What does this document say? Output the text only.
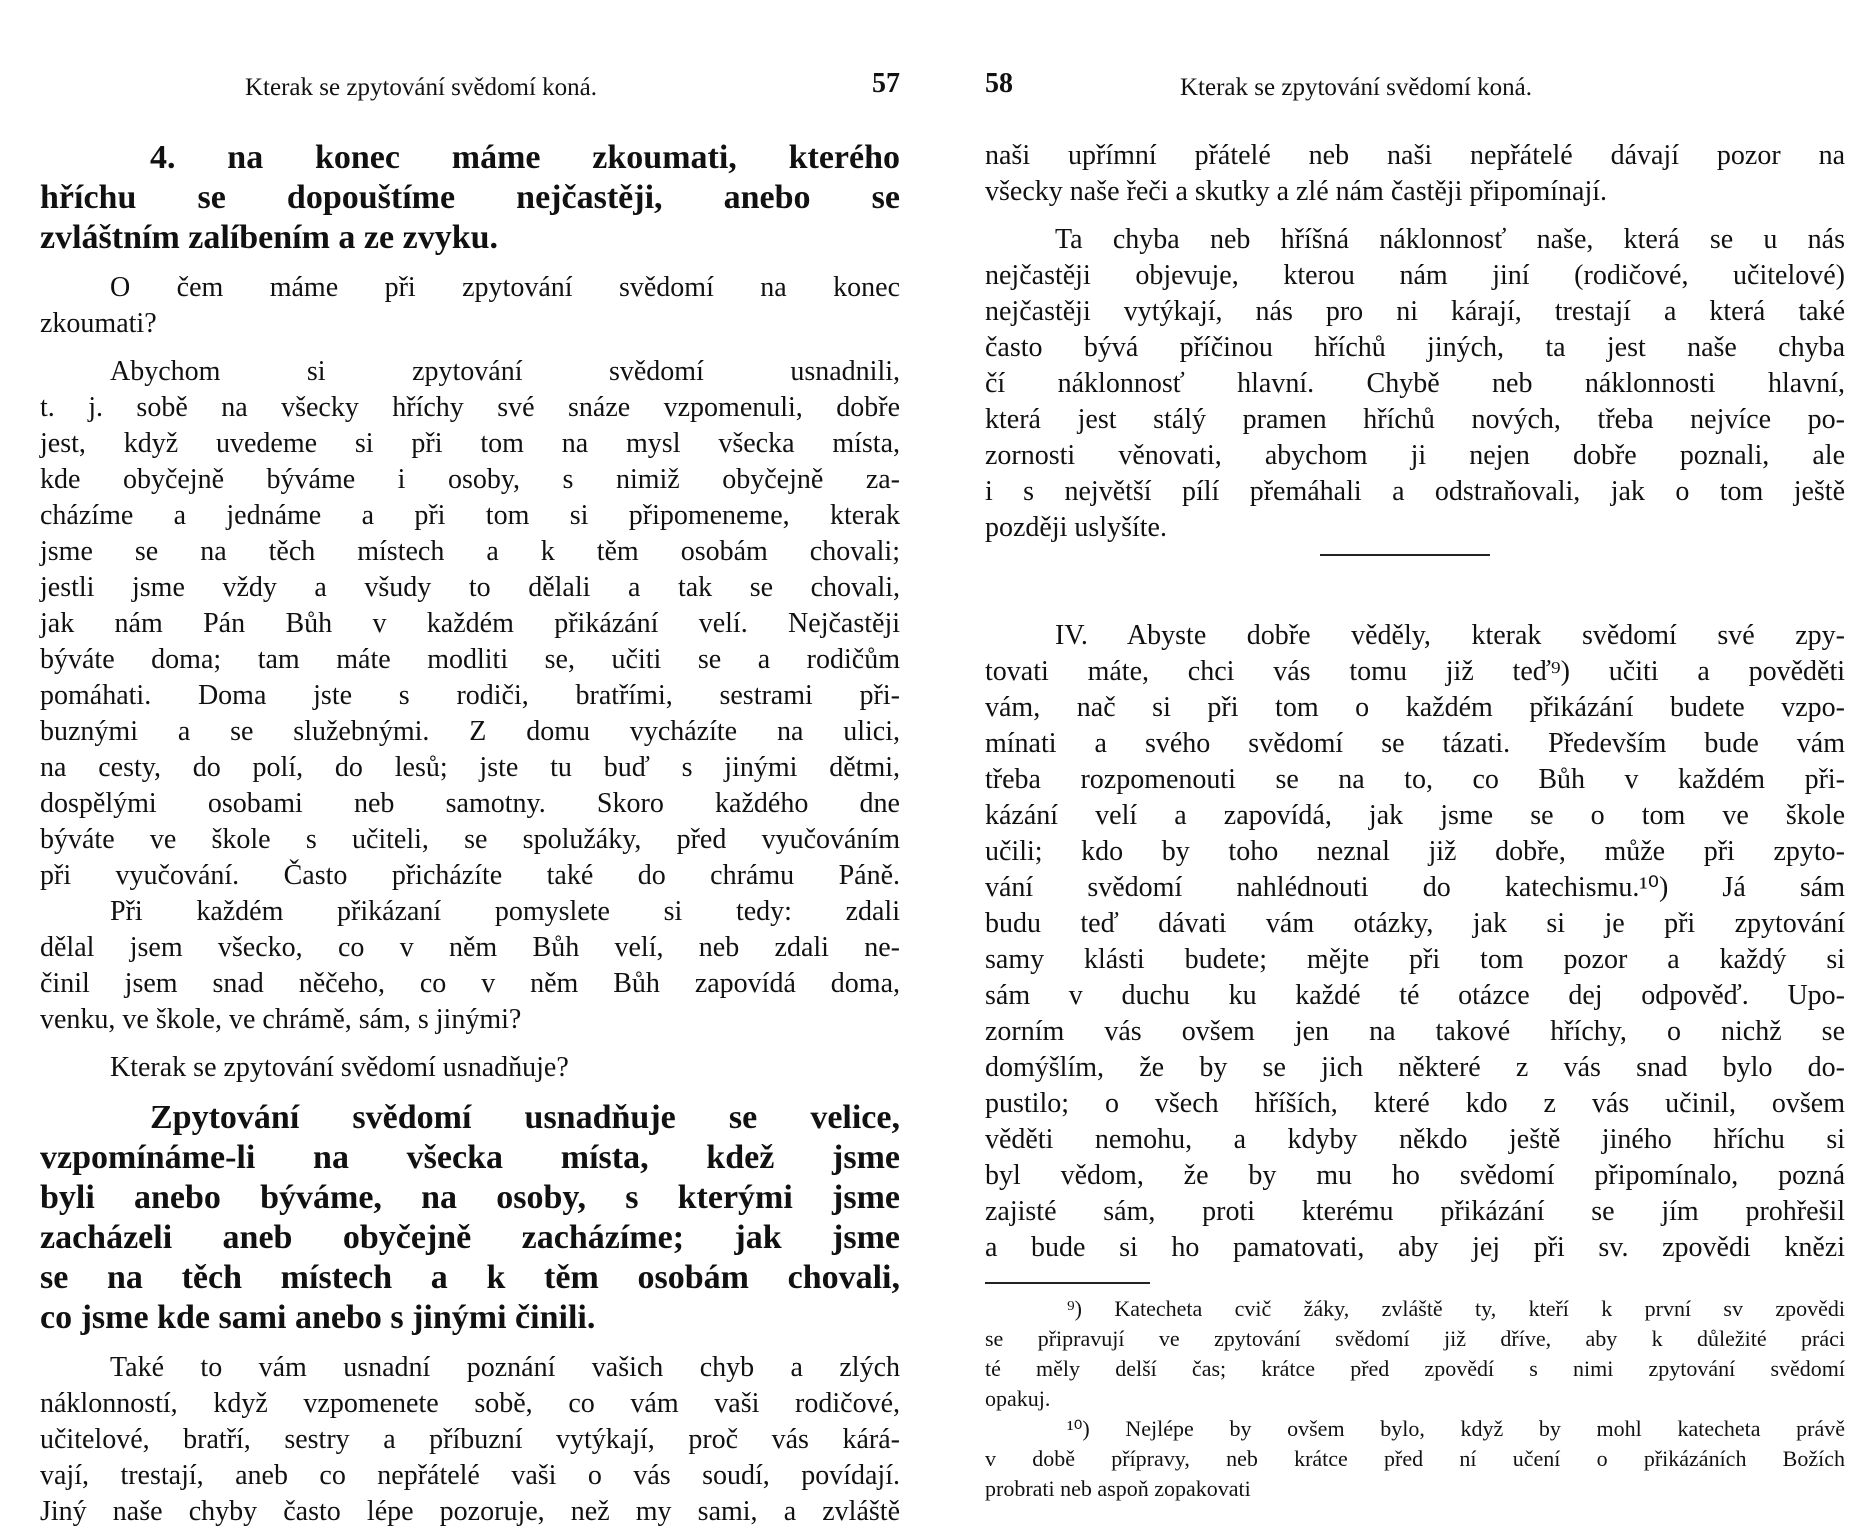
Kterak se zpytování svědomí koná.	57
4. na konec máme zkoumati, kterého
hříchu se dopouštíme nejčastěji, anebo se
zvláštním zalíbením a ze zvyku.
O čem máme při zpytování svědomí na konec
zkoumati?
Abychom si zpytování svědomí usnadnili,
t. j. sobě na všecky hříchy své snáze vzpomenuli, dobře
jest, když uvedeme si při tom na mysl všecka místa,
kde obyčejně býváme i osoby, s nimiž obyčejně za-
cházíme a jednáme a při tom si připomeneme, kterak
jsme se na těch místech a k těm osobám chovali;
jestli jsme vždy a všudy to dělali a tak se chovali,
jak nám Pán Bůh v každém přikázání velí. Nejčastěji
býváte doma; tam máte modliti se, učiti se a rodičům
pomáhati. Doma jste s rodiči, bratřími, sestrami při-
buznými a se služebnými. Z domu vycházíte na ulici,
na cesty, do polí, do lesů; jste tu buď s jinými dětmi,
dospělými osobami neb samotny. Skoro každého dne
býváte ve škole s učiteli, se spolužáky, před vyučováním
při vyučování. Často přicházíte také do chrámu Páně.
Při každém přikázaní pomyslete si tedy: zdali
dělal jsem všecko, co v něm Bůh velí, neb zdali ne-
činil jsem snad něčeho, co v něm Bůh zapovídá doma,
venku, ve škole, ve chrámě, sám, s jinými?
Kterak se zpytování svědomí usnadňuje?
Zpytování svědomí usnadňuje se velice,
vzpomínáme-li na všecka místa, kdež jsme
byli anebo býváme, na osoby, s kterými jsme
zacházeli aneb obyčejně zacházíme; jak jsme
se na těch místech a k těm osobám chovali,
co jsme kde sami anebo s jinými činili.
Také to vám usnadní poznání vašich chyb a zlých
náklonností, když vzpomenete sobě, co vám vaši rodičové,
učitelové, bratří, sestry a příbuzní vytýkají, proč vás kárá-
vají, trestají, aneb co nepřátelé vaši o vás soudí, povídají.
Jiný naše chyby často lépe pozoruje, než my sami, a zvláště
58	Kterak se zpytování svědomí koná.
naši upřímní přátelé neb naši nepřátelé dávají pozor na
všecky naše řeči a skutky a zlé nám častěji připomínají.
Ta chyba neb hříšná náklonnosť naše, která se u nás
nejčastěji objevuje, kterou nám jiní (rodičové, učitelové)
nejčastěji vytýkají, nás pro ni kárají, trestají a která také
často bývá příčinou hříchů jiných, ta jest naše chyba
čí náklonnosť hlavní. Chybě neb náklonnosti hlavní,
která jest stálý pramen hříchů nových, třeba nejvíce po-
zornosti věnovati, abychom ji nejen dobře poznali, ale
i s největší pílí přemáhali a odstraňovali, jak o tom ještě
později uslyšíte.
IV. Abyste dobře věděly, kterak svědomí své zpy-
tovati máte, chci vás tomu již teď⁹) učiti a pověděti
vám, nač si při tom o každém přikázání budete vzpo-
mínati a svého svědomí se tázati. Především bude vám
třeba rozpomenouti se na to, co Bůh v každém při-
kázání velí a zapovídá, jak jsme se o tom ve škole
učili; kdo by toho neznal již dobře, může při zpyto-
vání svědomí nahlédnouti do katechismu.¹⁰) Já sám
budu teď dávati vám otázky, jak si je při zpytování
samy klásti budete; mějte při tom pozor a každý si
sám v duchu ku každé té otázce dej odpověď. Upo-
zorním vás ovšem jen na takové hříchy, o nichž se
domýšlím, že by se jich některé z vás snad bylo do-
pustilo; o všech hříších, které kdo z vás učinil, ovšem
věděti nemohu, a kdyby někdo ještě jiného hříchu si
byl vědom, že by mu ho svědomí připomínalo, pozná
zajisté sám, proti kterému přikázání se jím prohřešil
a bude si ho pamatovati, aby jej při sv. zpovědi knězi
⁹) Katecheta cvič žáky, zvláště ty, kteří k první sv zpovědi
se připravují ve zpytování svědomí již dříve, aby k důležité práci
té měly delší čas; krátce před zpovědí s nimi zpytování svědomí
opakuj.
¹⁰) Nejlépe by ovšem bylo, když by mohl katecheta právě
v době přípravy, neb krátce před ní učení o přikázáních Božích
probrati neb aspoň zopakovati
